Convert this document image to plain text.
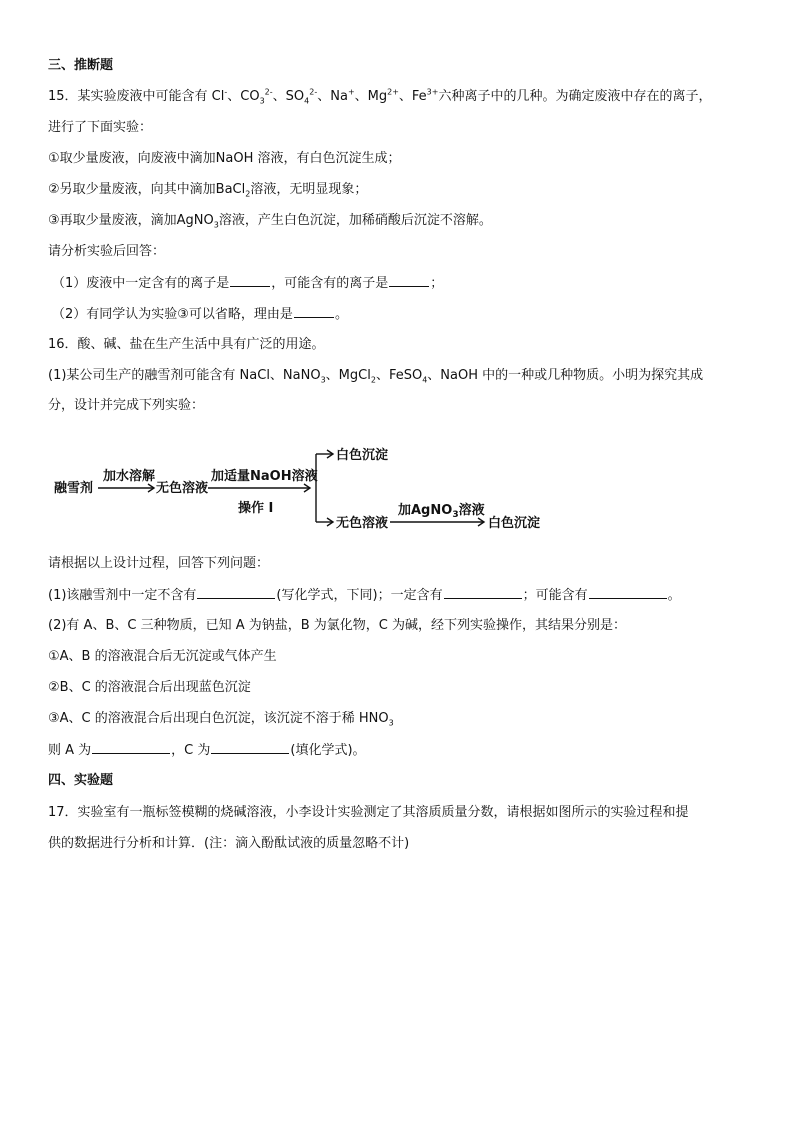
三、推断题
15．某实验废液中可能含有 Cl-、$CO_3^{2-}$、$SO_4^{2-}$、Na+、$Mg^{2+}$、$Fe^{3+}$六种离子中的几种。为确定废液中存在的离子，
进行了下面实验：
①取少量废液，向废液中滴加NaOH 溶液，有白色沉淀生成；
②另取少量废液，向其中滴加BaCl$_2$溶液，无明显现象；
③再取少量废液，滴加AgNO$_3$溶液，产生白色沉淀，加稀硝酸后沉淀不溶解。
请分析实验后回答：
（1）废液中一定含有的离子是	，可能含有的离子是	；
（2）有同学认为实验③可以省略，理由是	。
16．酸、碱、盐在生产生活中具有广泛的用途。
(1)某公司生产的融雪剂可能含有 NaCl、NaNO$_3$、MgCl$_2$、FeSO$_4$、NaOH 中的一种或几种物质。小明为探究其成
分，设计并完成下列实验：
融雪剂
加水溶解
无色溶液
加适量NaOH溶液
操作 I
白色沉淀
无色溶液
加AgNO$_3$溶液
白色沉淀
请根据以上设计过程，回答下列问题：
(1)该融雪剂中一定不含有	(写化学式，下同)；一定含有	；可能含有	。
(2)有 A、B、C 三种物质，已知 A 为钠盐，B 为氯化物，C 为碱，经下列实验操作，其结果分别是：
①A、B 的溶液混合后无沉淀或气体产生
②B、C 的溶液混合后出现蓝色沉淀
③A、C 的溶液混合后出现白色沉淀，该沉淀不溶于稀 $HNO_3$
则 A 为	，C 为	(填化学式)。
四、实验题
17．实验室有一瓶标签模糊的烧碱溶液，小李设计实验测定了其溶质质量分数，请根据如图所示的实验过程和提
供的数据进行分析和计算．(注：滴入酚酞试液的质量忽略不计)
